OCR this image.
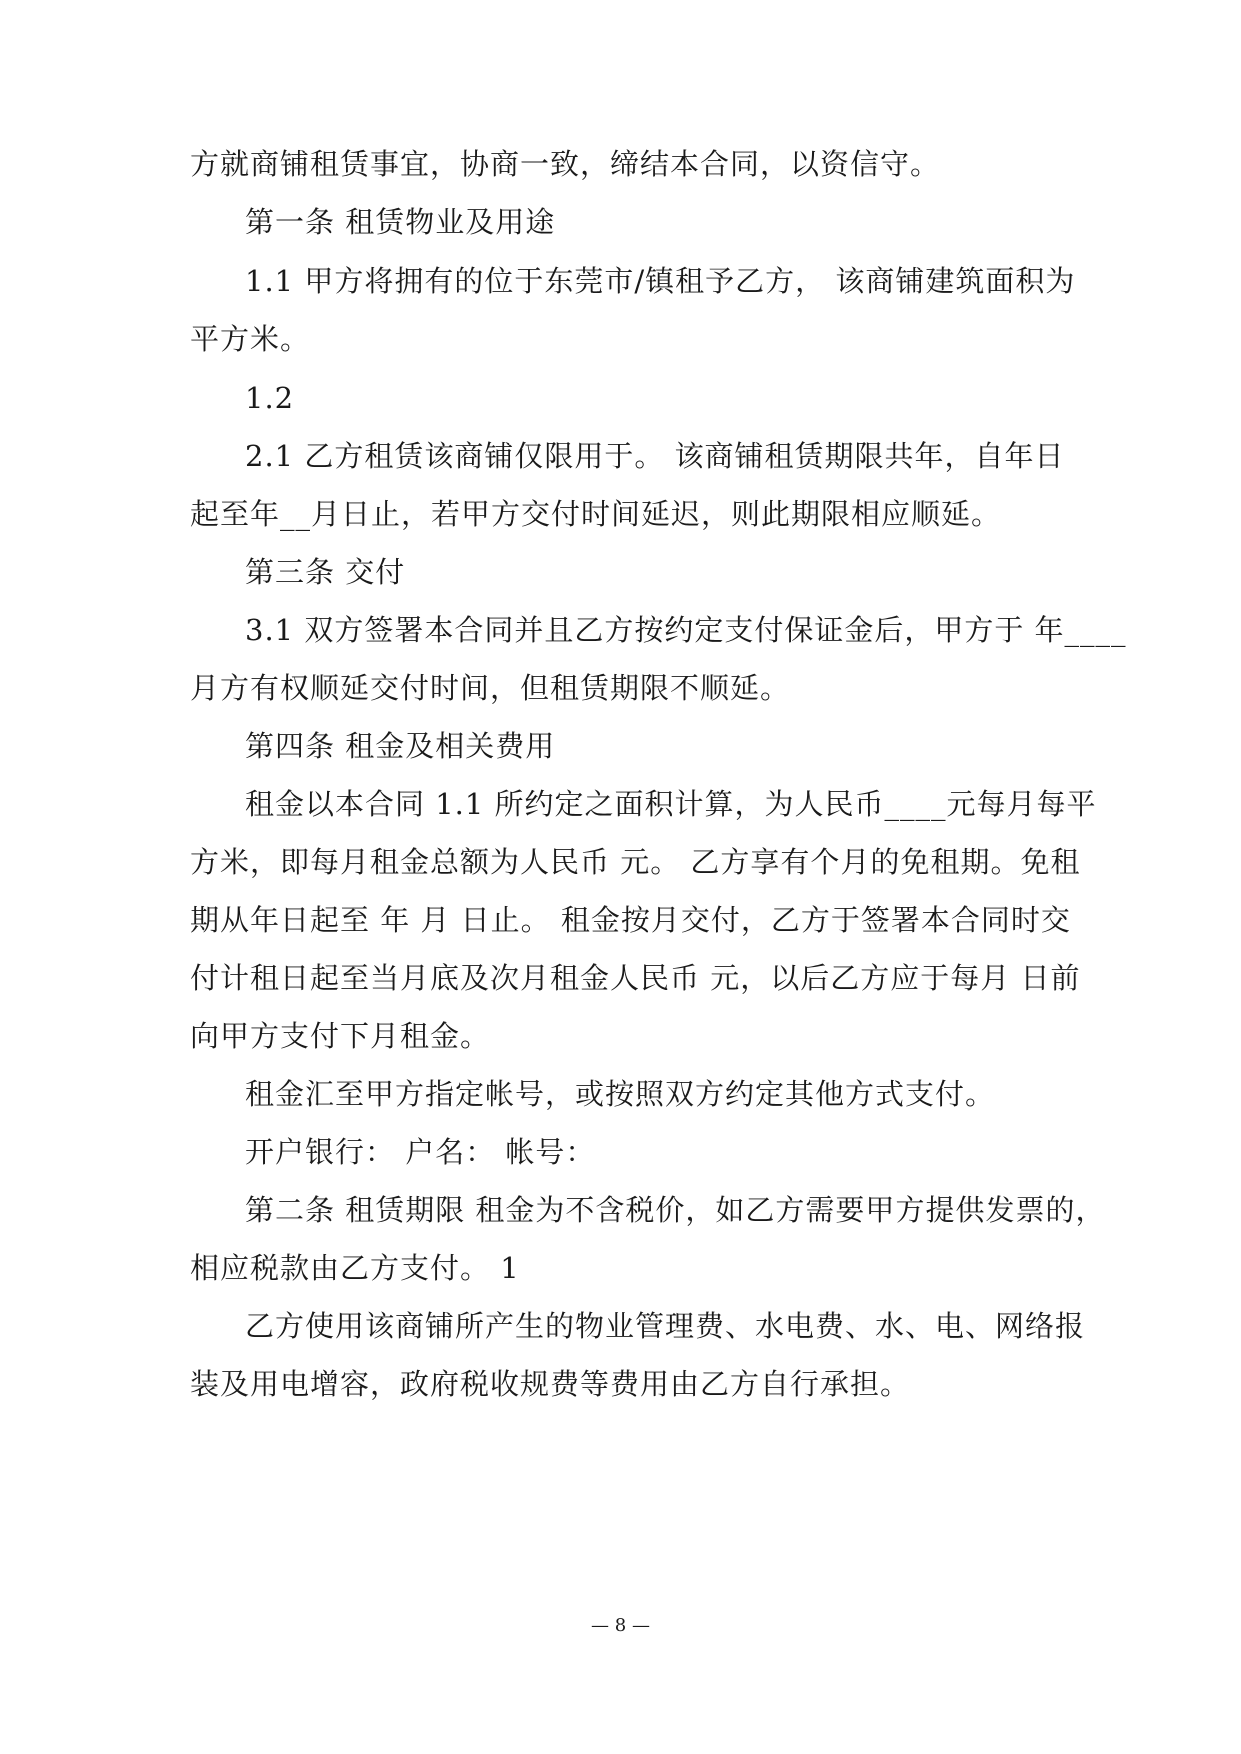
方就商铺租赁事宜，协商一致，缔结本合同，以资信守。
第一条 租赁物业及用途
1.1 甲方将拥有的位于东莞市/镇租予乙方， 该商铺建筑面积为
平方米。
1.2
2.1 乙方租赁该商铺仅限用于。 该商铺租赁期限共年，自年日
起至年__月日止，若甲方交付时间延迟，则此期限相应顺延。
第三条 交付
3.1 双方签署本合同并且乙方按约定支付保证金后，甲方于 年____
月方有权顺延交付时间，但租赁期限不顺延。
第四条 租金及相关费用
租金以本合同 1.1 所约定之面积计算，为人民币____元每月每平
方米，即每月租金总额为人民币 元。 乙方享有个月的免租期。免租
期从年日起至 年 月 日止。 租金按月交付，乙方于签署本合同时交
付计租日起至当月底及次月租金人民币 元，以后乙方应于每月 日前
向甲方支付下月租金。
租金汇至甲方指定帐号，或按照双方约定其他方式支付。
开户银行： 户名： 帐号：
第二条 租赁期限 租金为不含税价，如乙方需要甲方提供发票的，
相应税款由乙方支付。 1
乙方使用该商铺所产生的物业管理费、水电费、水、电、网络报
装及用电增容，政府税收规费等费用由乙方自行承担。
— 8 —
